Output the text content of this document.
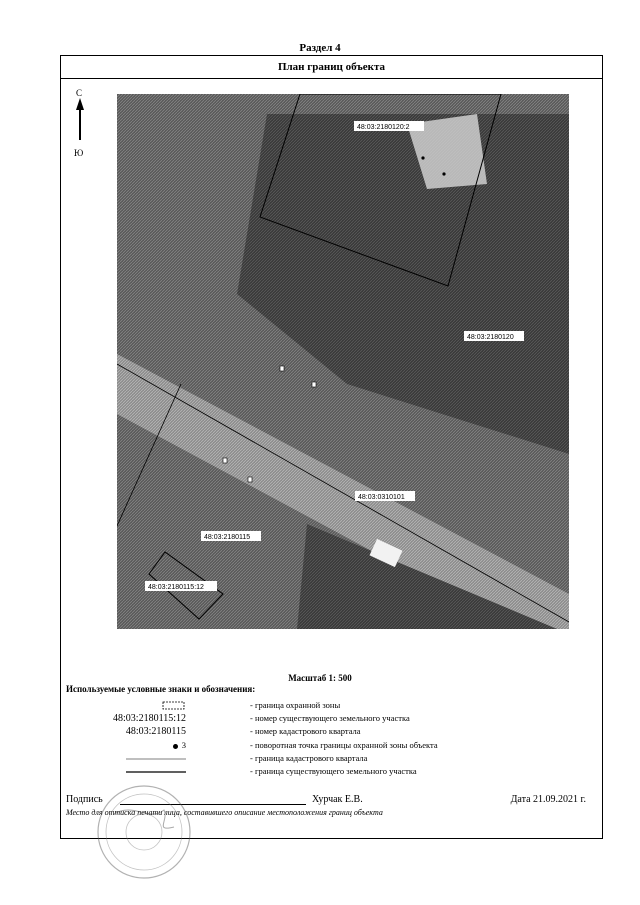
Раздел 4
План границ объекта
С
Ю
48:03:2180120:2
48:03:2180120
48:03:0310101
48:03:2180115
48:03:2180115:12
Масштаб 1: 500
Используемые условные знаки и обозначения:
- граница охранной зоны
48:03:2180115:12	- номер существующего земельного участка
48:03:2180115	- номер кадастрового квартала
3	- поворотная точка границы охранной зоны объекта
- граница кадастрового квартала
- граница существующего земельного участка
Подпись	Хурчак Е.В.	Дата 21.09.2021 г.
Место для оттиска печати лица, составившего описание местоположения границ объекта
